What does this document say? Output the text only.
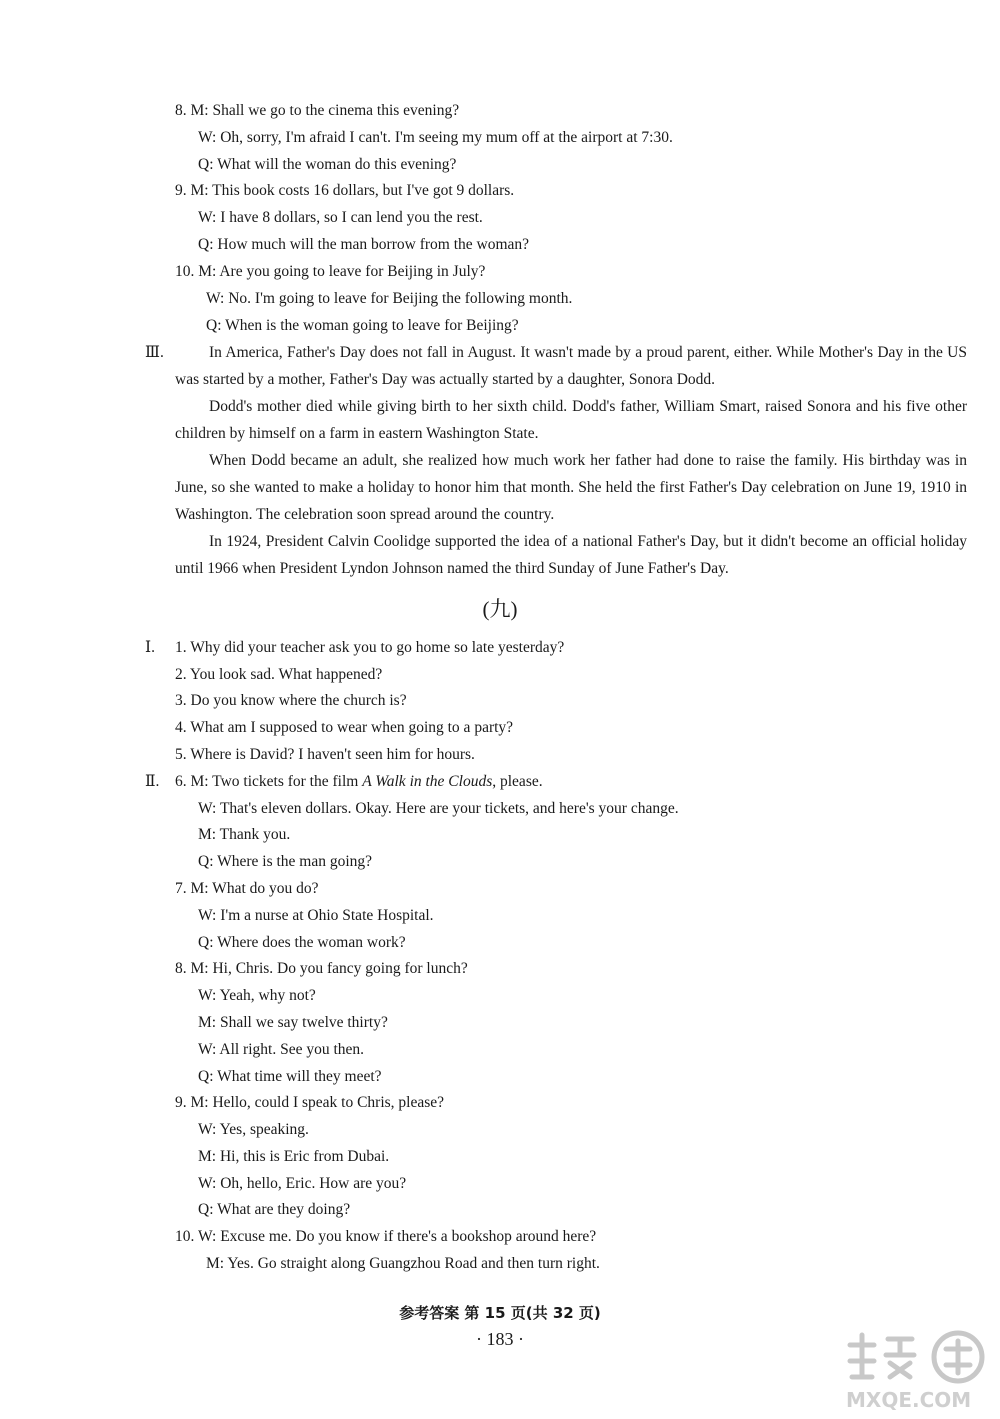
8. M: Shall we go to the cinema this evening?
W: Oh, sorry, I'm afraid I can't. I'm seeing my mum off at the airport at 7:30.
Q: What will the woman do this evening?
9. M: This book costs 16 dollars, but I've got 9 dollars.
W: I have 8 dollars, so I can lend you the rest.
Q: How much will the man borrow from the woman?
10. M: Are you going to leave for Beijing in July?
W: No. I'm going to leave for Beijing the following month.
Q: When is the woman going to leave for Beijing?
Ⅲ.	In America, Father's Day does not fall in August. It wasn't made by a proud parent, either. While Mother's Day in the US was started by a mother, Father's Day was actually started by a daughter, Sonora Dodd.
Dodd's mother died while giving birth to her sixth child. Dodd's father, William Smart, raised Sonora and his five other children by himself on a farm in eastern Washington State.
When Dodd became an adult, she realized how much work her father had done to raise the family. His birthday was in June, so she wanted to make a holiday to honor him that month. She held the first Father's Day celebration on June 19, 1910 in Washington. The celebration soon spread around the country.
In 1924, President Calvin Coolidge supported the idea of a national Father's Day, but it didn't become an official holiday until 1966 when President Lyndon Johnson named the third Sunday of June Father's Day.
(九)
Ⅰ. 1. Why did your teacher ask you to go home so late yesterday?
2. You look sad. What happened?
3. Do you know where the church is?
4. What am I supposed to wear when going to a party?
5. Where is David? I haven't seen him for hours.
Ⅱ. 6. M: Two tickets for the film A Walk in the Clouds, please.
W: That's eleven dollars. Okay. Here are your tickets, and here's your change.
M: Thank you.
Q: Where is the man going?
7. M: What do you do?
W: I'm a nurse at Ohio State Hospital.
Q: Where does the woman work?
8. M: Hi, Chris. Do you fancy going for lunch?
W: Yeah, why not?
M: Shall we say twelve thirty?
W: All right. See you then.
Q: What time will they meet?
9. M: Hello, could I speak to Chris, please?
W: Yes, speaking.
M: Hi, this is Eric from Dubai.
W: Oh, hello, Eric. How are you?
Q: What are they doing?
10. W: Excuse me. Do you know if there's a bookshop around here?
M: Yes. Go straight along Guangzhou Road and then turn right.
参考答案 第 15 页(共 32 页)
· 183 ·
MXQE.COM
